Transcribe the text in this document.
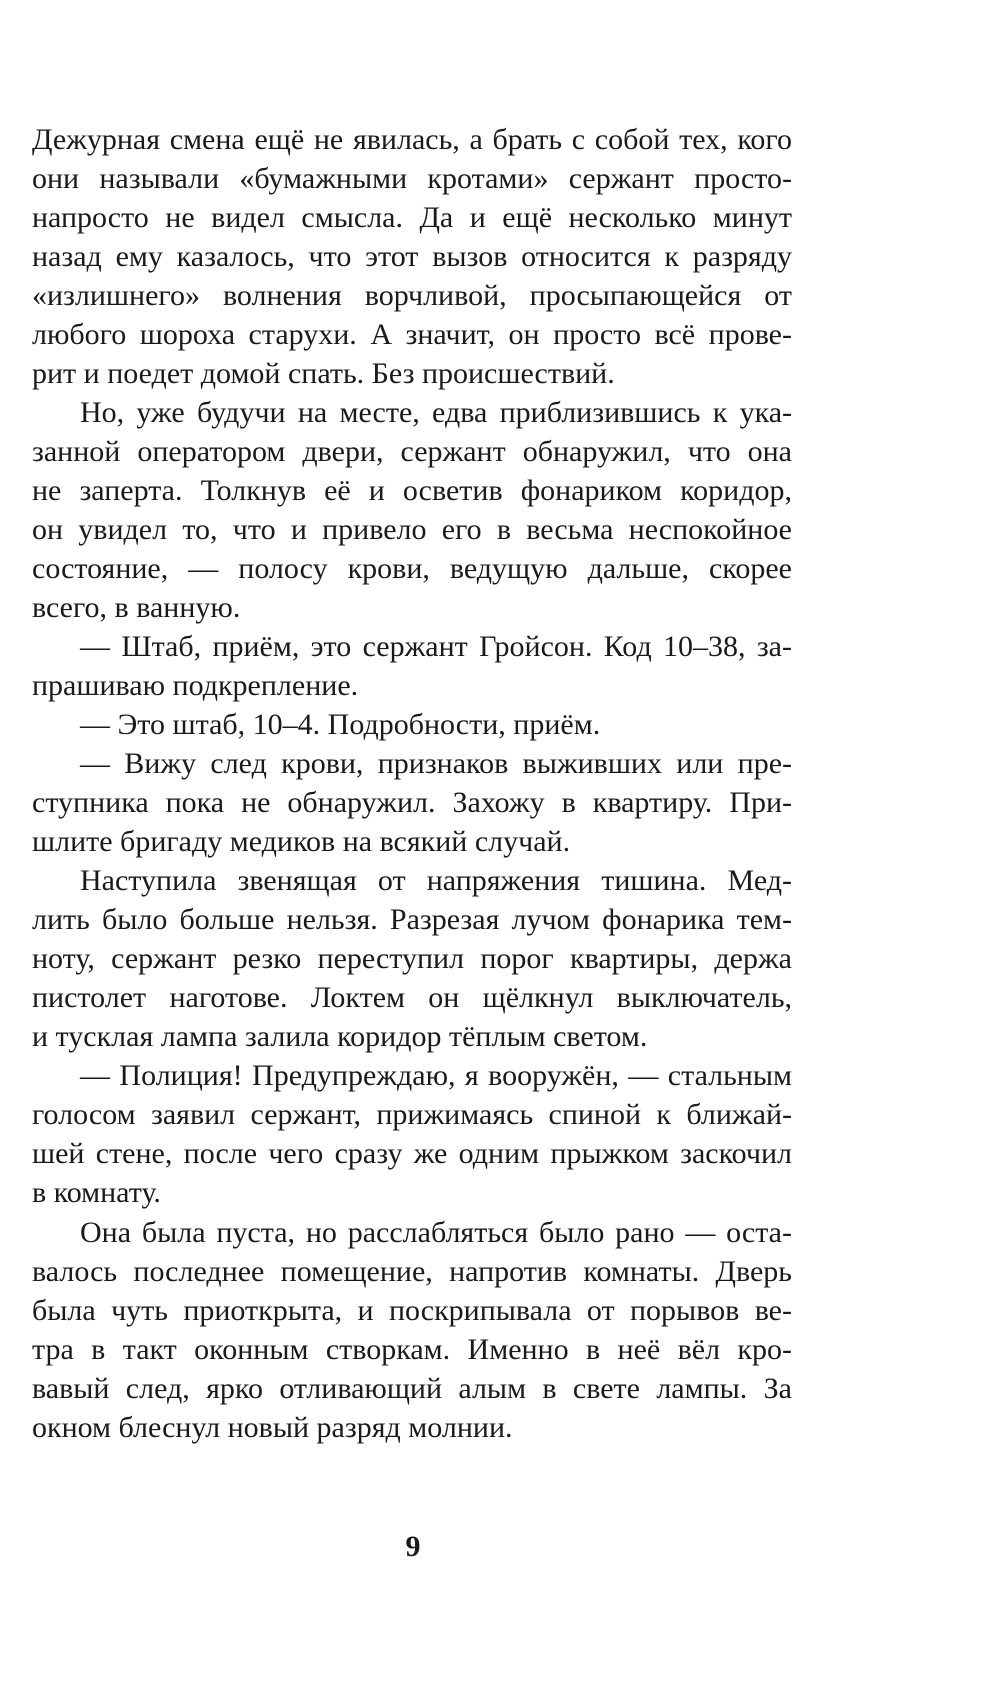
Дежурная смена ещё не явилась, а брать с собой тех, кого
они называли «бумажными кротами» сержант просто-
напросто не видел смысла. Да и ещё несколько минут
назад ему казалось, что этот вызов относится к разряду
«излишнего» волнения ворчливой, просыпающейся от
любого шороха старухи. А значит, он просто всё прове-
рит и поедет домой спать. Без происшествий.
Но, уже будучи на месте, едва приблизившись к ука-
занной оператором двери, сержант обнаружил, что она
не заперта. Толкнув её и осветив фонариком коридор,
он увидел то, что и привело его в весьма неспокойное
состояние, — полосу крови, ведущую дальше, скорее
всего, в ванную.
— Штаб, приём, это сержант Гройсон. Код 10–38, за-
прашиваю подкрепление.
— Это штаб, 10–4. Подробности, приём.
— Вижу след крови, признаков выживших или пре-
ступника пока не обнаружил. Захожу в квартиру. При-
шлите бригаду медиков на всякий случай.
Наступила звенящая от напряжения тишина. Мед-
лить было больше нельзя. Разрезая лучом фонарика тем-
ноту, сержант резко переступил порог квартиры, держа
пистолет наготове. Локтем он щёлкнул выключатель,
и тусклая лампа залила коридор тёплым светом.
— Полиция! Предупреждаю, я вооружён, — стальным
голосом заявил сержант, прижимаясь спиной к ближай-
шей стене, после чего сразу же одним прыжком заскочил
в комнату.
Она была пуста, но расслабляться было рано — оста-
валось последнее помещение, напротив комнаты. Дверь
была чуть приоткрыта, и поскрипывала от порывов ве-
тра в такт оконным створкам. Именно в неё вёл кро-
вавый след, ярко отливающий алым в свете лампы. За
окном блеснул новый разряд молнии.
9
